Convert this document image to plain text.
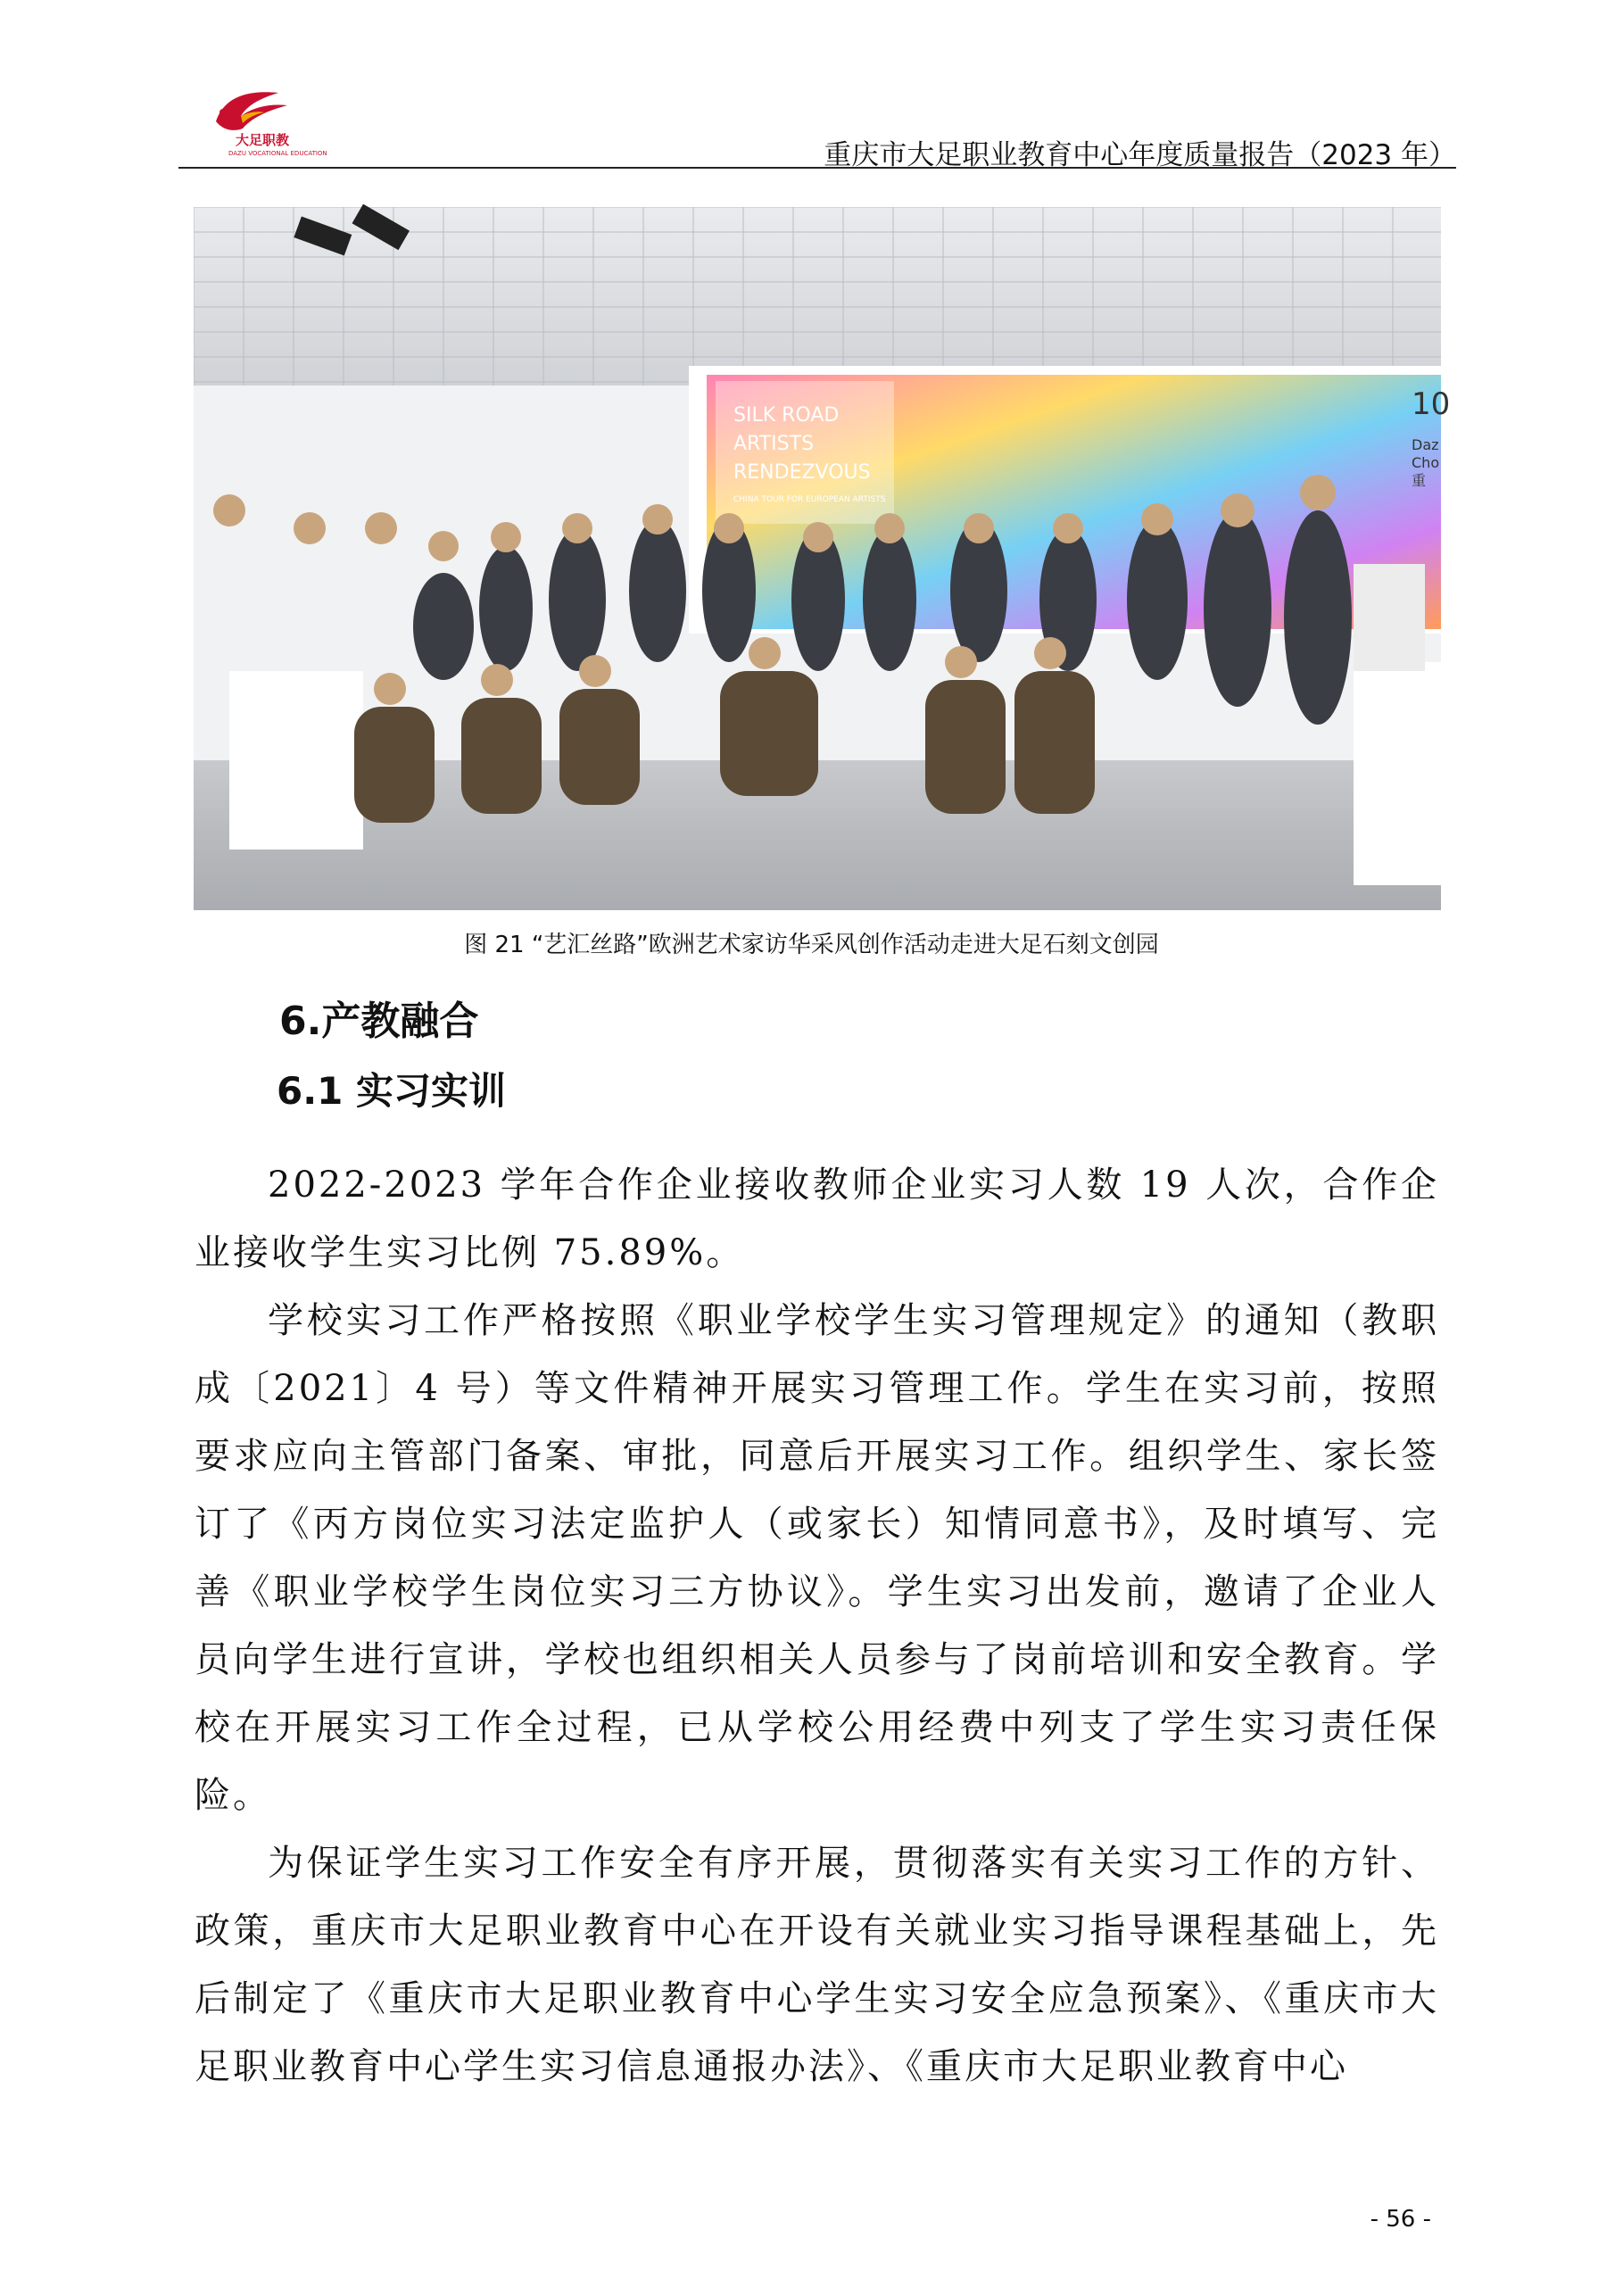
大足职教
DAZU VOCATIONAL EDUCATION	重庆市大足职业教育中心年度质量报告（2023 年）
SILK ROAD
ARTISTS
RENDEZVOUS
CHINA TOUR FOR EUROPEAN ARTISTS
10
Daz
Cho
重
图 21 “艺汇丝路”欧洲艺术家访华采风创作活动走进大足石刻文创园
6.产教融合
6.1 实习实训

2022-2023 学年合作企业接收教师企业实习人数 19 人次，合作企业接收学生实习比例 75.89%。

学校实习工作严格按照《职业学校学生实习管理规定》的通知（教职成〔2021〕4 号）等文件精神开展实习管理工作。学生在实习前，按照要求应向主管部门备案、审批，同意后开展实习工作。组织学生、家长签订了《丙方岗位实习法定监护人（或家长）知情同意书》，及时填写、完善《职业学校学生岗位实习三方协议》。学生实习出发前，邀请了企业人员向学生进行宣讲，学校也组织相关人员参与了岗前培训和安全教育。学校在开展实习工作全过程，已从学校公用经费中列支了学生实习责任保险。

为保证学生实习工作安全有序开展，贯彻落实有关实习工作的方针、政策，重庆市大足职业教育中心在开设有关就业实习指导课程基础上，先后制定了《重庆市大足职业教育中心学生实习安全应急预案》、《重庆市大足职业教育中心学生实习信息通报办法》、《重庆市大足职业教育中心

- 56 -
